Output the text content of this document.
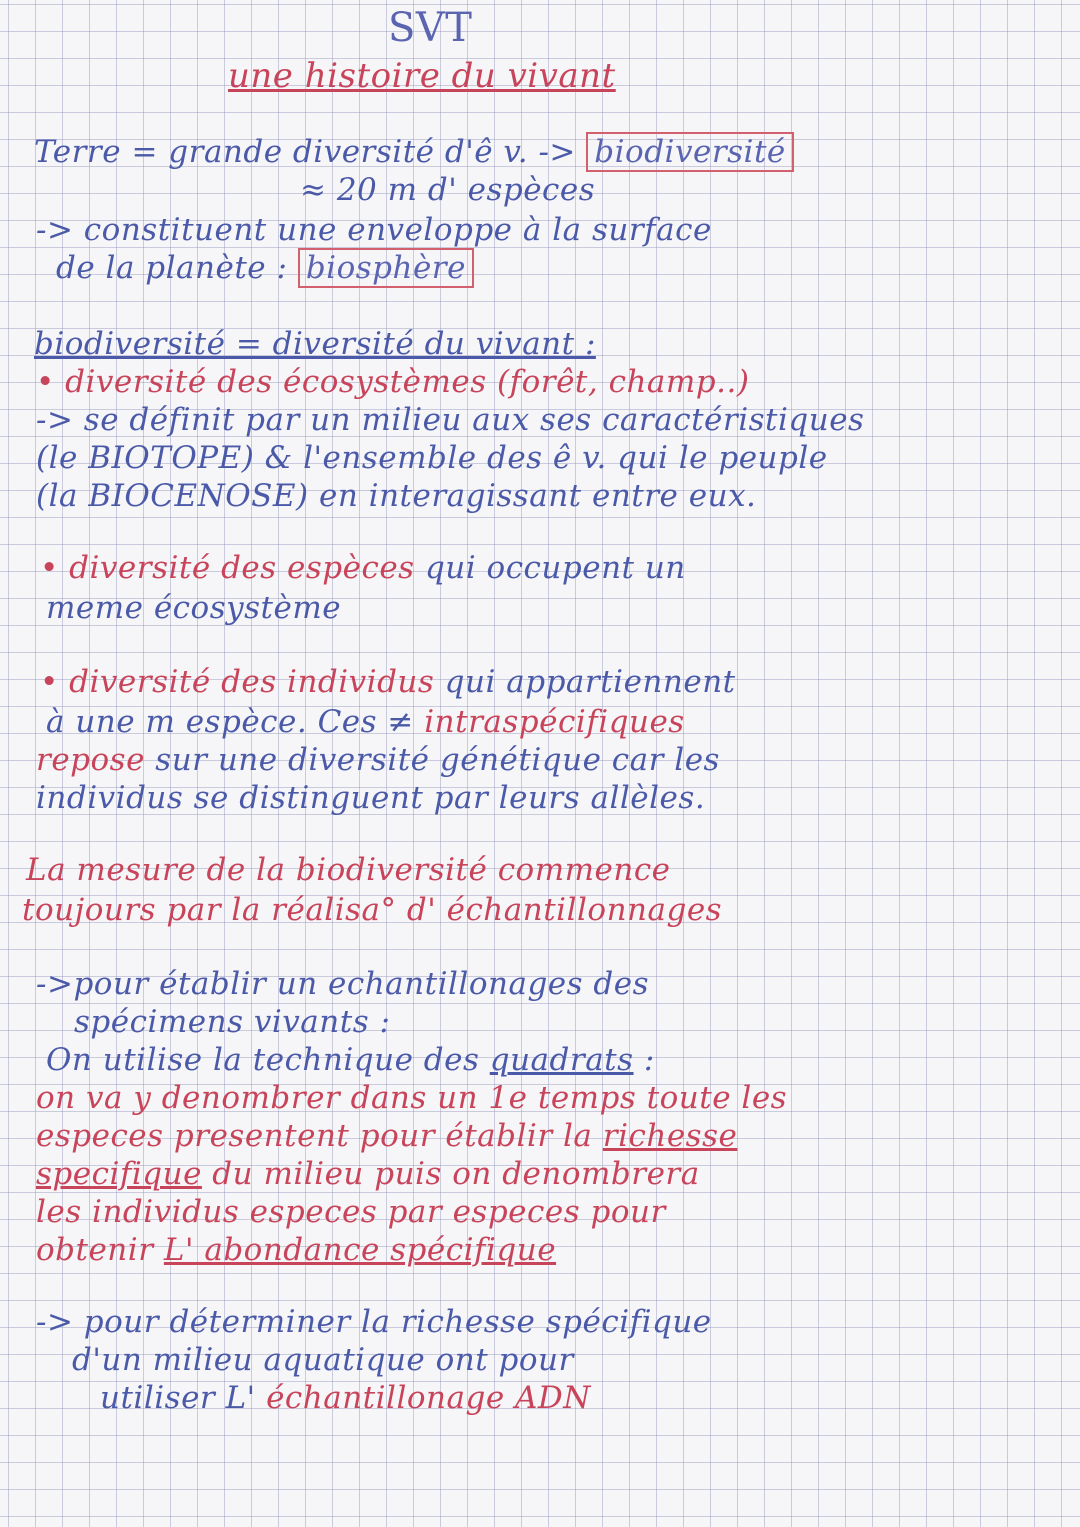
SVT

une histoire du vivant

Terre = grande diversité d'ê v. -> biodiversité

≈ 20 m d' espèces

-> constituent une enveloppe à la surface

de la planète : biosphère

biodiversité = diversité du vivant :

• diversité des écosystèmes (forêt, champ..)

-> se définit par un milieu aux ses caractéristiques

(le BIOTOPE) & l'ensemble des ê v. qui le peuple

(la BIOCENOSE) en interagissant entre eux.

• diversité des espèces qui occupent un

meme écosystème

• diversité des individus qui appartiennent

à une m espèce. Ces ≠ intraspécifiques

repose sur une diversité génétique car les

individus se distinguent par leurs allèles.

La mesure de la biodiversité commence

toujours par la réalisa° d' échantillonnages

->pour établir un echantillonages des

spécimens vivants :

On utilise la technique des quadrats :

on va y denombrer dans un 1e temps toute les

especes presentent pour établir la richesse

specifique du milieu puis on denombrera

les individus especes par especes pour

obtenir L' abondance spécifique

-> pour déterminer la richesse spécifique

d'un milieu aquatique ont pour

utiliser L' échantillonage ADN
